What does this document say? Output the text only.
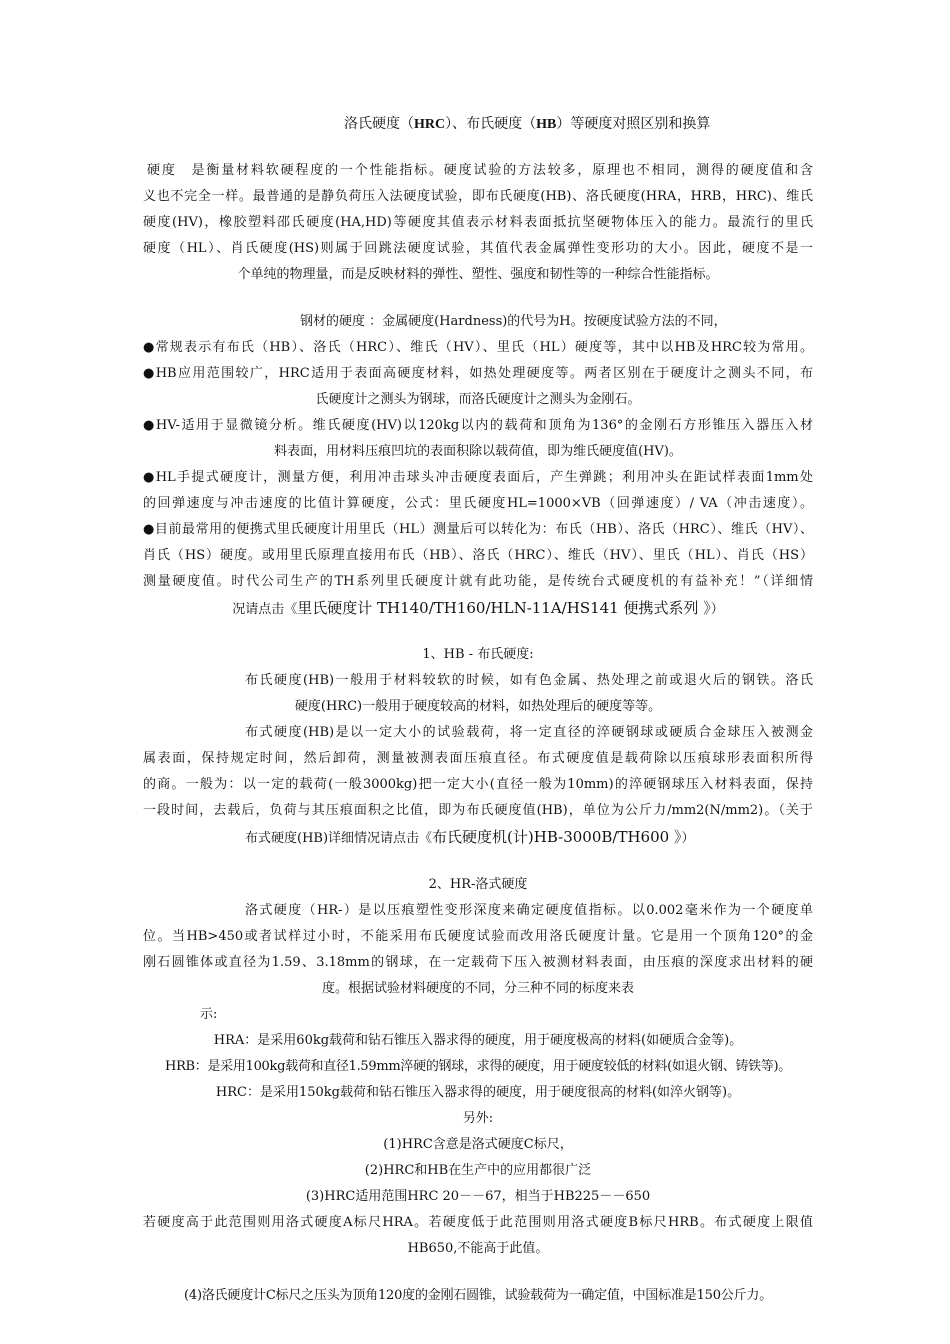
洛氏硬度（HRC）、布氏硬度（HB）等硬度对照区别和换算
硬度　是衡量材料软硬程度的一个性能指标。硬度试验的方法较多，原理也不相同，测得的硬度值和含
义也不完全一样。最普通的是静负荷压入法硬度试验，即布氏硬度(HB)、洛氏硬度(HRA，HRB，HRC)、维氏
硬度(HV)，橡胶塑料邵氏硬度(HA,HD)等硬度其值表示材料表面抵抗坚硬物体压入的能力。最流行的里氏
硬度（HL）、肖氏硬度(HS)则属于回跳法硬度试验，其值代表金属弹性变形功的大小。因此，硬度不是一
个单纯的物理量，而是反映材料的弹性、塑性、强度和韧性等的一种综合性能指标。
钢材的硬度 ：金属硬度(Hardness)的代号为H。按硬度试验方法的不同，
●常规表示有布氏（HB）、洛氏（HRC）、维氏（HV）、里氏（HL）硬度等，其中以HB及HRC较为常用。
●HB应用范围较广，HRC适用于表面高硬度材料，如热处理硬度等。两者区别在于硬度计之测头不同，布
氏硬度计之测头为钢球，而洛氏硬度计之测头为金刚石。
●HV-适用于显微镜分析。维氏硬度(HV)以120kg以内的载荷和顶角为136°的金刚石方形锥压入器压入材
料表面，用材料压痕凹坑的表面积除以载荷值，即为维氏硬度值(HV)。
●HL手提式硬度计，测量方便，利用冲击球头冲击硬度表面后，产生弹跳；利用冲头在距试样表面1mm处
的回弹速度与冲击速度的比值计算硬度，公式：里氏硬度HL=1000×VB（回弹速度）/ VA（冲击速度）。
●目前最常用的便携式里氏硬度计用里氏（HL）测量后可以转化为：布氏（HB）、洛氏（HRC）、维氏（HV）、
肖氏（HS）硬度。或用里氏原理直接用布氏（HB）、洛氏（HRC）、维氏（HV）、里氏（HL）、肖氏（HS）
测量硬度值。时代公司生产的TH系列里氏硬度计就有此功能，是传统台式硬度机的有益补充！”（详细情
况请点击《里氏硬度计 TH140/TH160/HLN-11A/HS141 便携式系列 》）
1、HB - 布氏硬度:
布氏硬度(HB)一般用于材料较软的时候，如有色金属、热处理之前或退火后的钢铁。洛氏
硬度(HRC)一般用于硬度较高的材料，如热处理后的硬度等等。
布式硬度(HB)是以一定大小的试验载荷，将一定直径的淬硬钢球或硬质合金球压入被测金
属表面，保持规定时间，然后卸荷，测量被测表面压痕直径。布式硬度值是载荷除以压痕球形表面积所得
的商。一般为：以一定的载荷(一般3000kg)把一定大小(直径一般为10mm)的淬硬钢球压入材料表面，保持
一段时间，去载后，负荷与其压痕面积之比值，即为布氏硬度值(HB)，单位为公斤力/mm2(N/mm2)。（关于
布式硬度(HB)详细情况请点击《布氏硬度机(计)HB-3000B/TH600 》）
2、HR-洛式硬度
洛式硬度（HR-）是以压痕塑性变形深度来确定硬度值指标。以0.002毫米作为一个硬度单
位。当HB>450或者试样过小时，不能采用布氏硬度试验而改用洛氏硬度计量。它是用一个顶角120°的金
刚石圆锥体或直径为1.59、3.18mm的钢球，在一定载荷下压入被测材料表面，由压痕的深度求出材料的硬
度。根据试验材料硬度的不同，分三种不同的标度来表
示:
HRA：是采用60kg载荷和钻石锥压入器求得的硬度，用于硬度极高的材料(如硬质合金等)。
HRB：是采用100kg载荷和直径1.59mm淬硬的钢球，求得的硬度，用于硬度较低的材料(如退火钢、铸铁等)。
HRC：是采用150kg载荷和钻石锥压入器求得的硬度，用于硬度很高的材料(如淬火钢等)。
另外:
(1)HRC含意是洛式硬度C标尺，
(2)HRC和HB在生产中的应用都很广泛
(3)HRC适用范围HRC 20－－67，相当于HB225－－650
若硬度高于此范围则用洛式硬度A标尺HRA。若硬度低于此范围则用洛式硬度B标尺HRB。布式硬度上限值
HB650,不能高于此值。
(4)洛氏硬度计C标尺之压头为顶角120度的金刚石圆锥，试验载荷为一确定值，中国标准是150公斤力。
